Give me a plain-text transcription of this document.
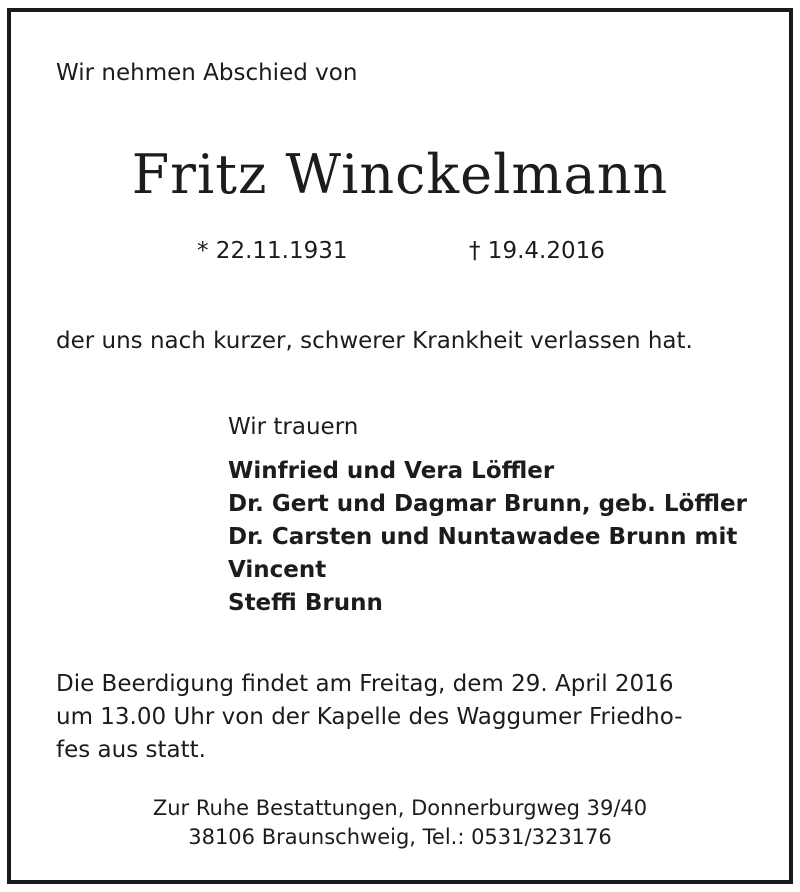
Wir nehmen Abschied von
Fritz Winckelmann
* 22.11.1931	† 19.4.2016
der uns nach kurzer, schwerer Krankheit verlassen hat.
Wir trauern
Winfried und Vera Löffler
Dr. Gert und Dagmar Brunn, geb. Löffler
Dr. Carsten und Nuntawadee Brunn mit
Vincent
Steffi Brunn
Die Beerdigung findet am Freitag, dem 29. April 2016
um 13.00 Uhr von der Kapelle des Waggumer Friedho-
fes aus statt.
Zur Ruhe Bestattungen, Donnerburgweg 39/40
38106 Braunschweig, Tel.: 0531/323176
